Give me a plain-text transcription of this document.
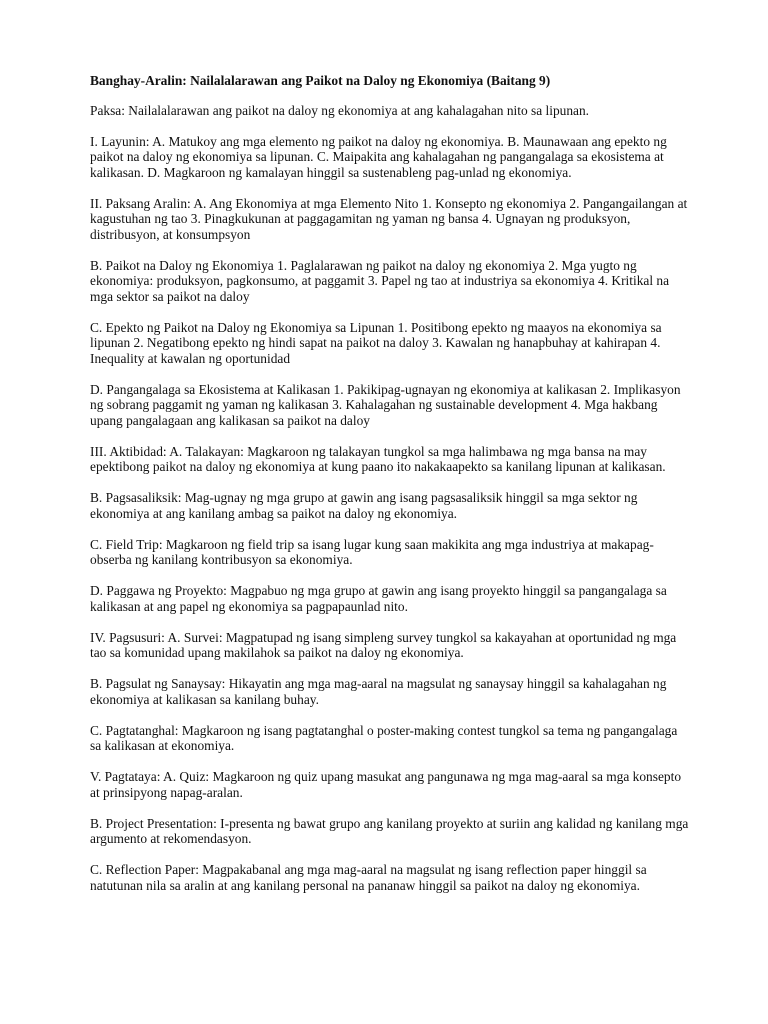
Banghay-Aralin: Nailalalarawan ang Paikot na Daloy ng Ekonomiya (Baitang 9)

Paksa: Nailalalarawan ang paikot na daloy ng ekonomiya at ang kahalagahan nito sa lipunan.

I. Layunin: A. Matukoy ang mga elemento ng paikot na daloy ng ekonomiya. B. Maunawaan ang epekto ng paikot na daloy ng ekonomiya sa lipunan. C. Maipakita ang kahalagahan ng pangangalaga sa ekosistema at kalikasan. D. Magkaroon ng kamalayan hinggil sa sustenableng pag-unlad ng ekonomiya.

II. Paksang Aralin: A. Ang Ekonomiya at mga Elemento Nito 1. Konsepto ng ekonomiya 2. Pangangailangan at kagustuhan ng tao 3. Pinagkukunan at paggagamitan ng yaman ng bansa 4. Ugnayan ng produksyon, distribusyon, at konsumpsyon

B. Paikot na Daloy ng Ekonomiya 1. Paglalarawan ng paikot na daloy ng ekonomiya 2. Mga yugto ng ekonomiya: produksyon, pagkonsumo, at paggamit 3. Papel ng tao at industriya sa ekonomiya 4. Kritikal na mga sektor sa paikot na daloy

C. Epekto ng Paikot na Daloy ng Ekonomiya sa Lipunan 1. Positibong epekto ng maayos na ekonomiya sa lipunan 2. Negatibong epekto ng hindi sapat na paikot na daloy 3. Kawalan ng hanapbuhay at kahirapan 4. Inequality at kawalan ng oportunidad

D. Pangangalaga sa Ekosistema at Kalikasan 1. Pakikipag-ugnayan ng ekonomiya at kalikasan 2. Implikasyon ng sobrang paggamit ng yaman ng kalikasan 3. Kahalagahan ng sustainable development 4. Mga hakbang upang pangalagaan ang kalikasan sa paikot na daloy

III. Aktibidad: A. Talakayan: Magkaroon ng talakayan tungkol sa mga halimbawa ng mga bansa na may epektibong paikot na daloy ng ekonomiya at kung paano ito nakakaapekto sa kanilang lipunan at kalikasan.

B. Pagsasaliksik: Mag-ugnay ng mga grupo at gawin ang isang pagsasaliksik hinggil sa mga sektor ng ekonomiya at ang kanilang ambag sa paikot na daloy ng ekonomiya.

C. Field Trip: Magkaroon ng field trip sa isang lugar kung saan makikita ang mga industriya at makapag-obserba ng kanilang kontribusyon sa ekonomiya.

D. Paggawa ng Proyekto: Magpabuo ng mga grupo at gawin ang isang proyekto hinggil sa pangangalaga sa kalikasan at ang papel ng ekonomiya sa pagpapaunlad nito.

IV. Pagsusuri: A. Survei: Magpatupad ng isang simpleng survey tungkol sa kakayahan at oportunidad ng mga tao sa komunidad upang makilahok sa paikot na daloy ng ekonomiya.

B. Pagsulat ng Sanaysay: Hikayatin ang mga mag-aaral na magsulat ng sanaysay hinggil sa kahalagahan ng ekonomiya at kalikasan sa kanilang buhay.

C. Pagtatanghal: Magkaroon ng isang pagtatanghal o poster-making contest tungkol sa tema ng pangangalaga sa kalikasan at ekonomiya.

V. Pagtataya: A. Quiz: Magkaroon ng quiz upang masukat ang pangunawa ng mga mag-aaral sa mga konsepto at prinsipyong napag-aralan.

B. Project Presentation: I-presenta ng bawat grupo ang kanilang proyekto at suriin ang kalidad ng kanilang mga argumento at rekomendasyon.

C. Reflection Paper: Magpakabanal ang mga mag-aaral na magsulat ng isang reflection paper hinggil sa natutunan nila sa aralin at ang kanilang personal na pananaw hinggil sa paikot na daloy ng ekonomiya.
